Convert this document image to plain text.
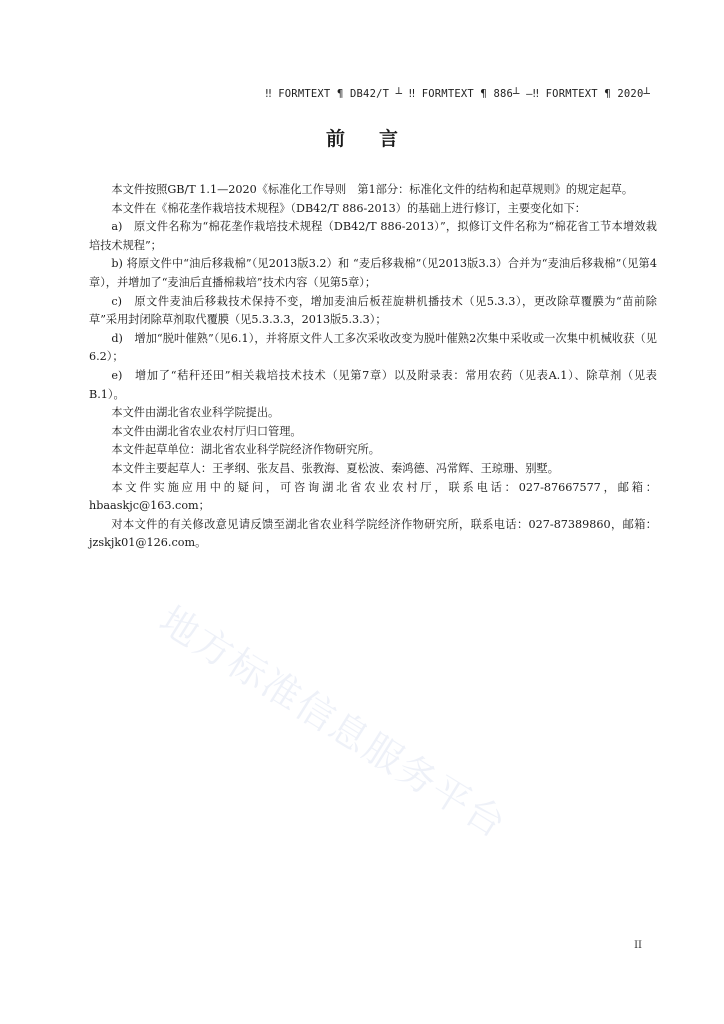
‼ FORMTEXT ¶ DB42/T ┴ ‼ FORMTEXT ¶ 886┴ —‼ FORMTEXT ¶ 2020┴
前言

本文件按照GB/T 1.1—2020《标准化工作导则　第1部分：标准化文件的结构和起草规则》的规定起草。

本文件在《棉花垄作栽培技术规程》（DB42/T 886-2013）的基础上进行修订，主要变化如下：

a)　原文件名称为“棉花垄作栽培技术规程（DB42/T 886-2013）”，拟修订文件名称为“棉花省工节本增效栽培技术规程”；

b) 将原文件中“油后移栽棉”（见2013版3.2）和 “麦后移栽棉”（见2013版3.3）合并为“麦油后移栽棉”（见第4章），并增加了“麦油后直播棉栽培”技术内容（见第5章）；

c)　原文件麦油后移栽技术保持不变，增加麦油后板茬旋耕机播技术（见5.3.3），更改除草覆膜为“苗前除草”采用封闭除草剂取代覆膜（见5.3.3.3，2013版5.3.3）；

d)　增加“脱叶催熟”（见6.1），并将原文件人工多次采收改变为脱叶催熟2次集中采收或一次集中机械收获（见6.2）；

e)　增加了“秸秆还田”相关栽培技术技术（见第7章）以及附录表：常用农药（见表A.1）、除草剂（见表B.1）。

本文件由湖北省农业科学院提出。

本文件由湖北省农业农村厅归口管理。

本文件起草单位：湖北省农业科学院经济作物研究所。

本文件主要起草人：王孝纲、张友昌、张教海、夏松波、秦鸿德、冯常辉、王琼珊、别墅。

本文件实施应用中的疑问，可咨询湖北省农业农村厅，联系电话：027-87667577，邮箱：hbaaskjc@163.com；

对本文件的有关修改意见请反馈至湖北省农业科学院经济作物研究所，联系电话：027-87389860，邮箱：jzskjk01@126.com。

地方标准信息服务平台
II
